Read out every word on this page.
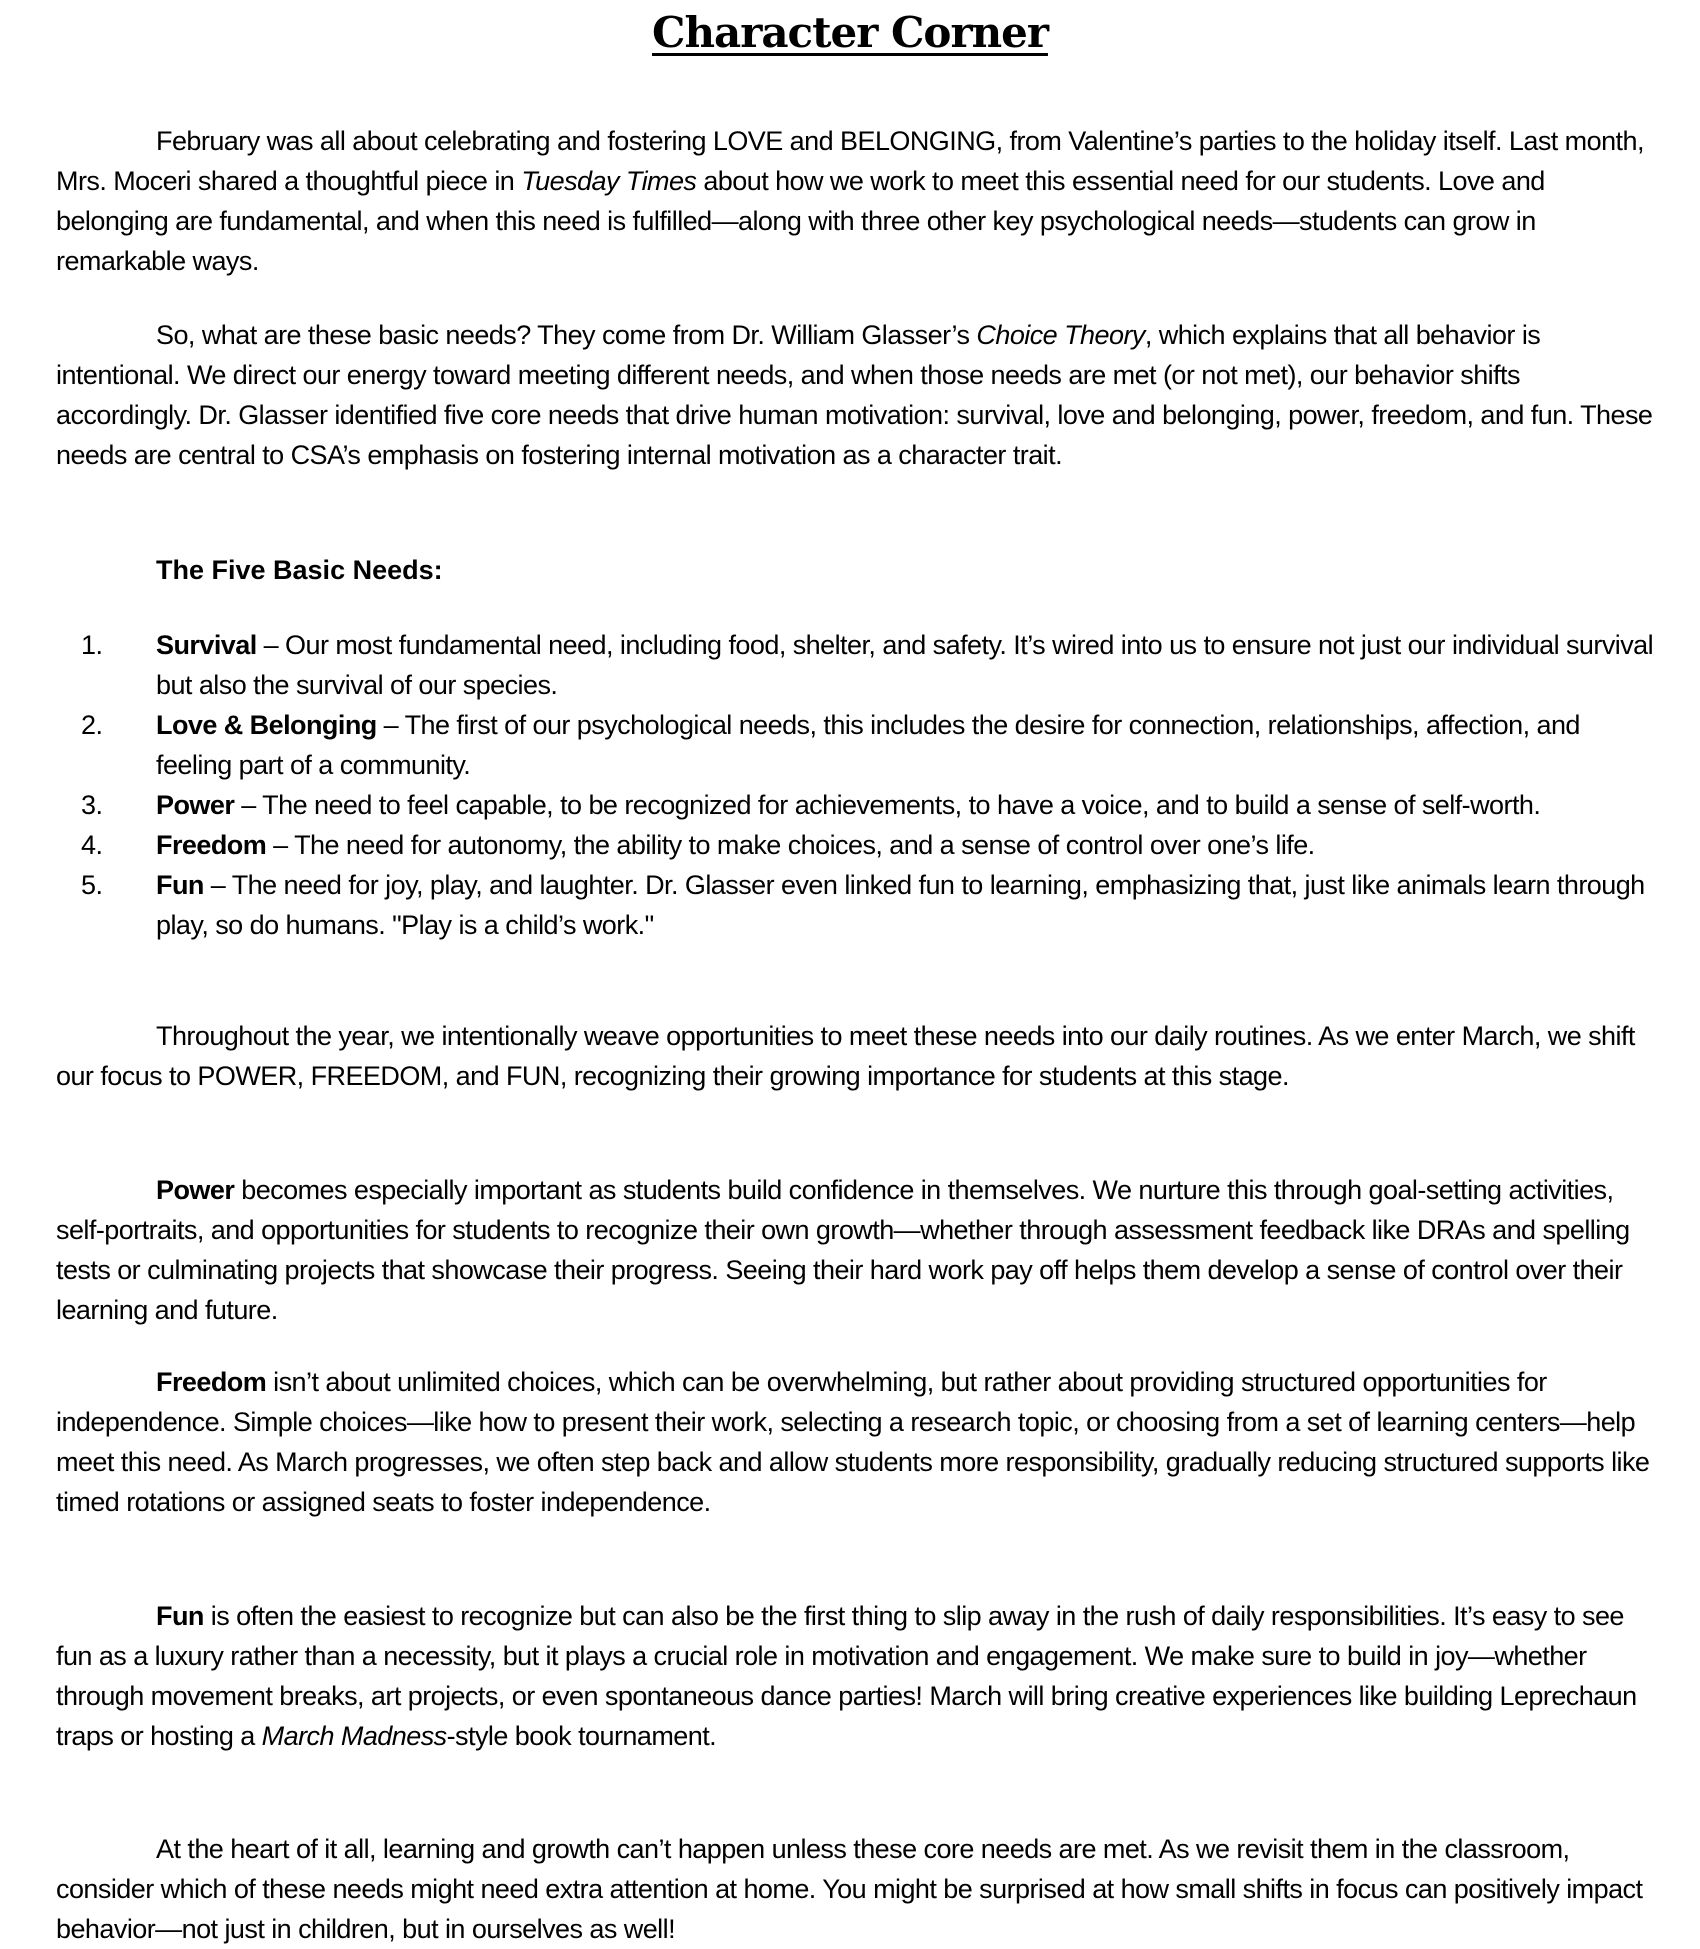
Character Corner

February was all about celebrating and fostering LOVE and BELONGING, from Valentine’s parties to the holiday itself. Last month, Mrs. Moceri shared a thoughtful piece in Tuesday Times about how we work to meet this essential need for our students. Love and belonging are fundamental, and when this need is fulfilled—along with three other key psychological needs—students can grow in remarkable ways.

So, what are these basic needs? They come from Dr. William Glasser’s Choice Theory, which explains that all behavior is intentional. We direct our energy toward meeting different needs, and when those needs are met (or not met), our behavior shifts accordingly. Dr. Glasser identified five core needs that drive human motivation: survival, love and belonging, power, freedom, and fun. These needs are central to CSA’s emphasis on fostering internal motivation as a character trait.

The Five Basic Needs:
1. Survival – Our most fundamental need, including food, shelter, and safety. It’s wired into us to ensure not just our individual survival but also the survival of our species.
2. Love & Belonging – The first of our psychological needs, this includes the desire for connection, relationships, affection, and feeling part of a community.
3. Power – The need to feel capable, to be recognized for achievements, to have a voice, and to build a sense of self-worth.
4. Freedom – The need for autonomy, the ability to make choices, and a sense of control over one’s life.
5. Fun – The need for joy, play, and laughter. Dr. Glasser even linked fun to learning, emphasizing that, just like animals learn through play, so do humans. "Play is a child’s work."

Throughout the year, we intentionally weave opportunities to meet these needs into our daily routines. As we enter March, we shift our focus to POWER, FREEDOM, and FUN, recognizing their growing importance for students at this stage.

Power becomes especially important as students build confidence in themselves. We nurture this through goal-setting activities, self-portraits, and opportunities for students to recognize their own growth—whether through assessment feedback like DRAs and spelling tests or culminating projects that showcase their progress. Seeing their hard work pay off helps them develop a sense of control over their learning and future.

Freedom isn’t about unlimited choices, which can be overwhelming, but rather about providing structured opportunities for independence. Simple choices—like how to present their work, selecting a research topic, or choosing from a set of learning centers—help meet this need. As March progresses, we often step back and allow students more responsibility, gradually reducing structured supports like timed rotations or assigned seats to foster independence.

Fun is often the easiest to recognize but can also be the first thing to slip away in the rush of daily responsibilities. It’s easy to see fun as a luxury rather than a necessity, but it plays a crucial role in motivation and engagement. We make sure to build in joy—whether through movement breaks, art projects, or even spontaneous dance parties! March will bring creative experiences like building Leprechaun traps or hosting a March Madness-style book tournament.

At the heart of it all, learning and growth can’t happen unless these core needs are met. As we revisit them in the classroom, consider which of these needs might need extra attention at home. You might be surprised at how small shifts in focus can positively impact behavior—not just in children, but in ourselves as well!
